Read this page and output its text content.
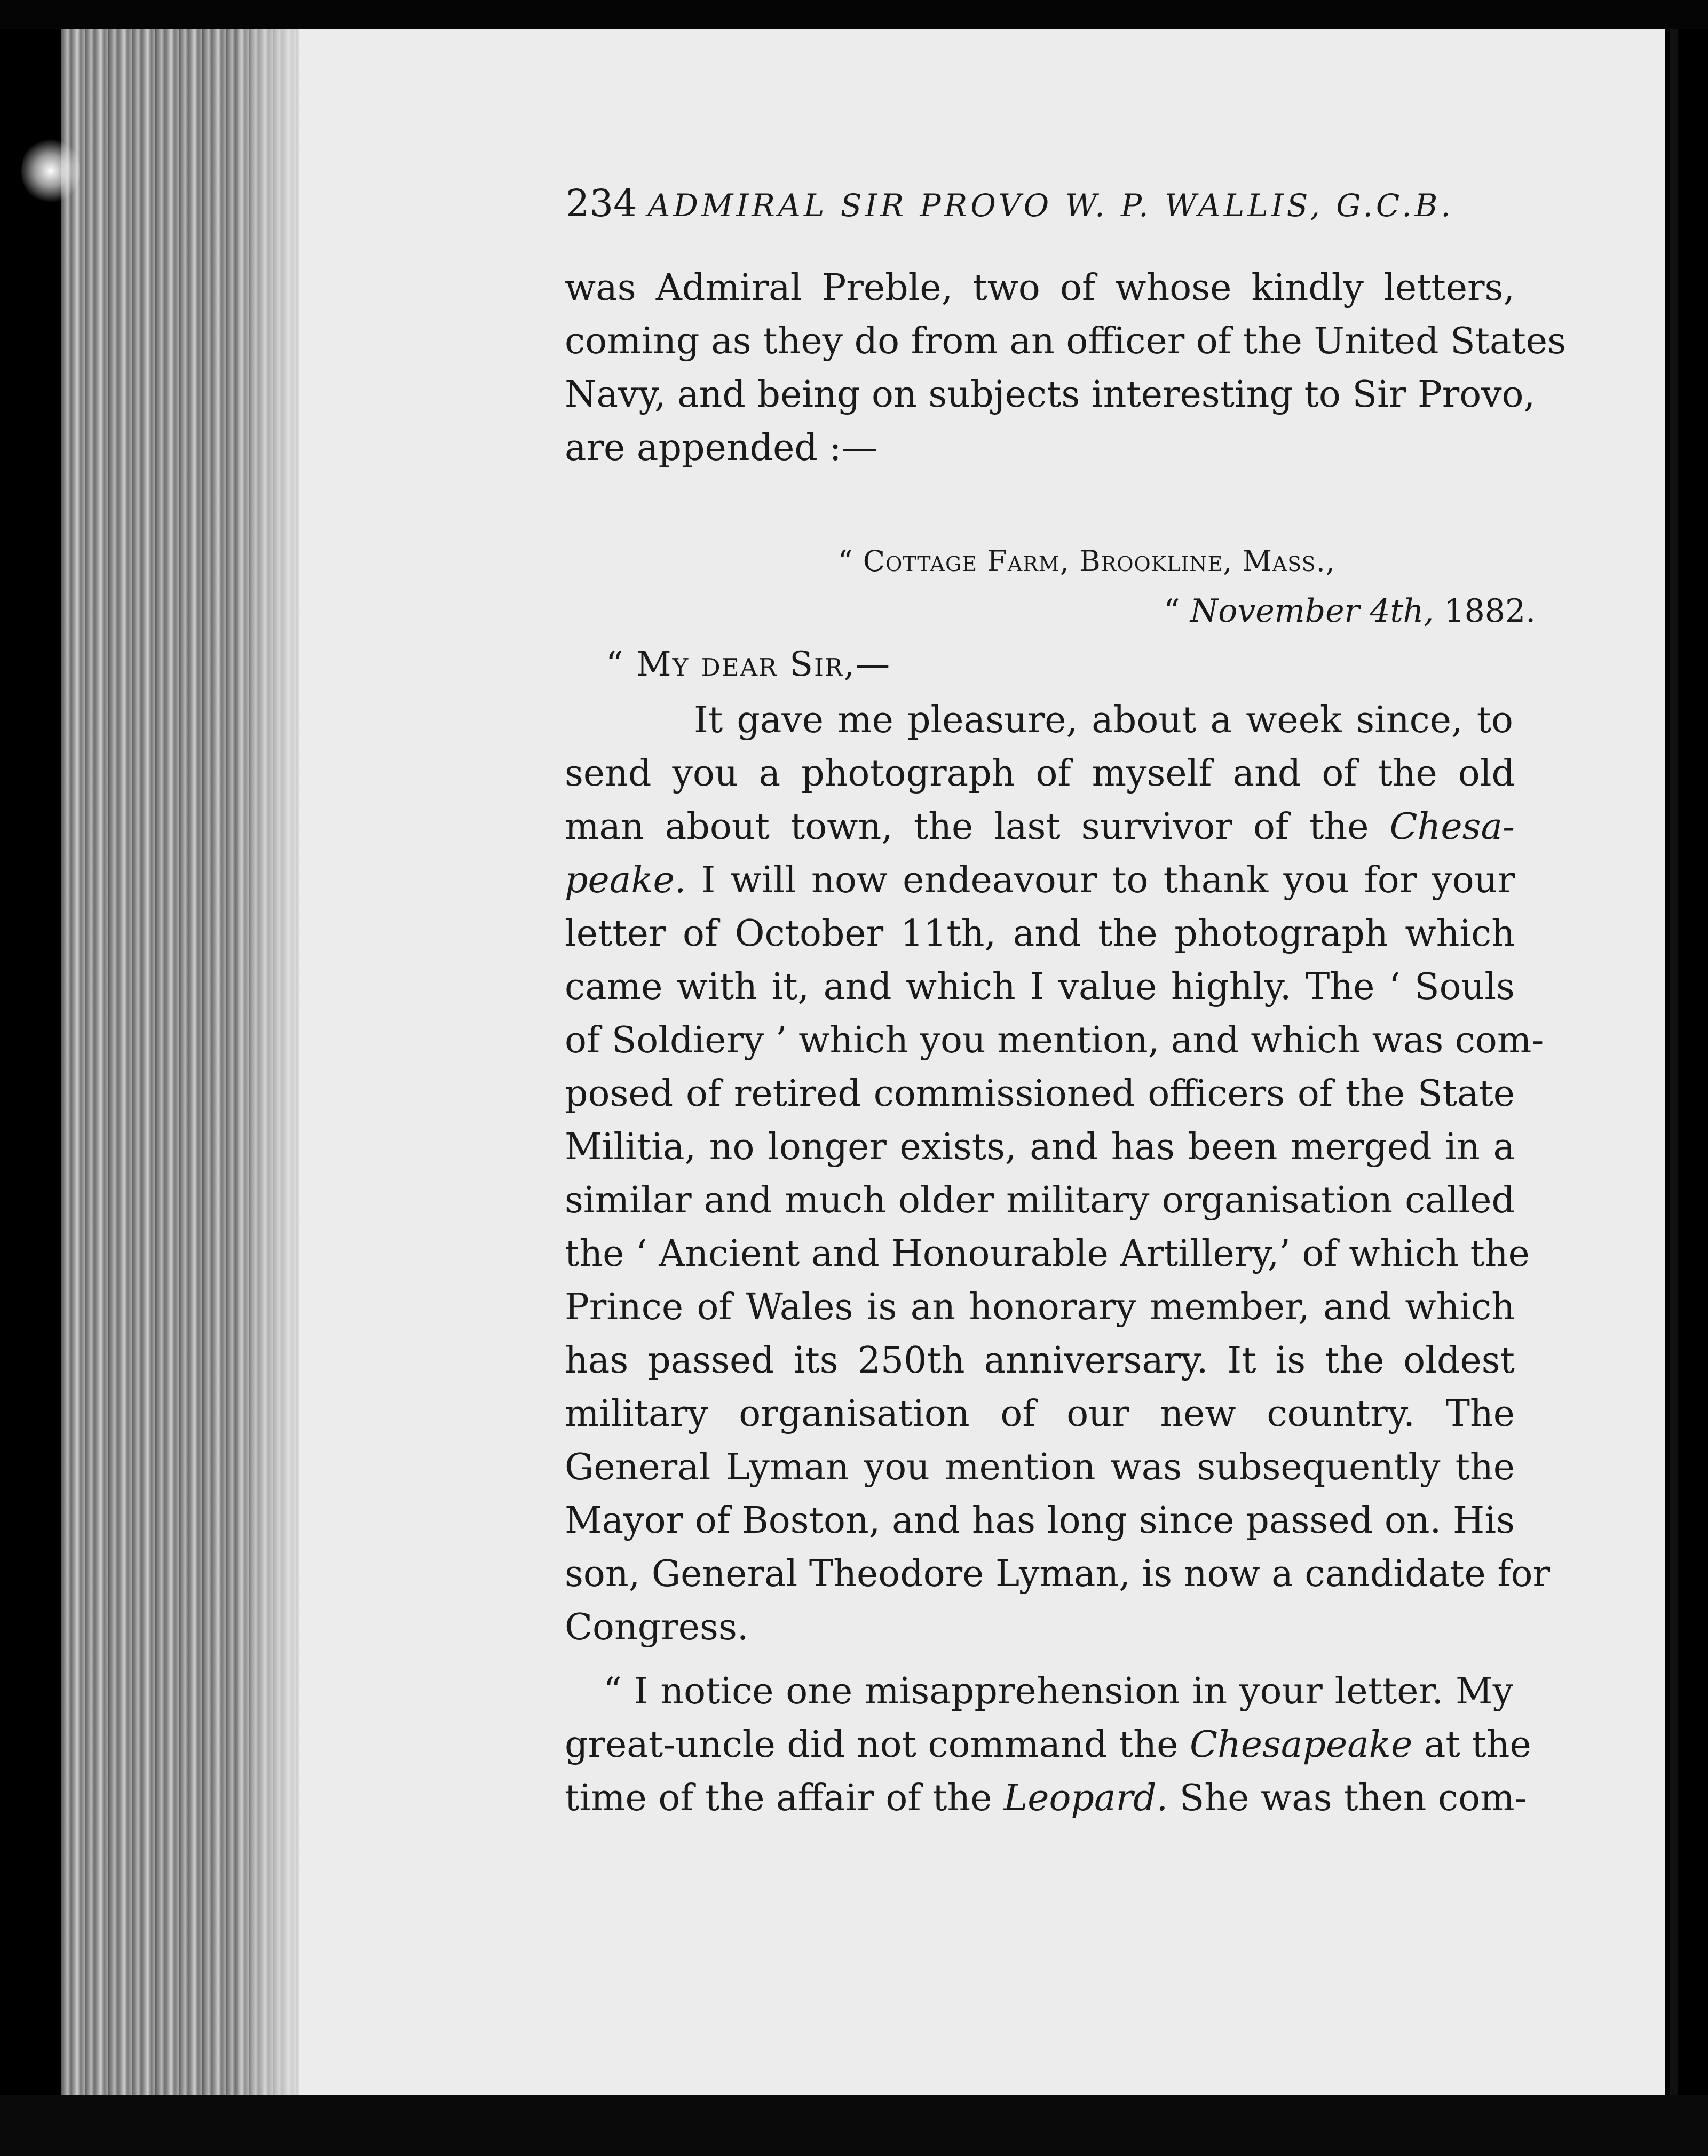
234 ADMIRAL SIR PROVO W. P. WALLIS, G.C.B.
was Admiral Preble, two of whose kindly letters,
coming as they do from an officer of the United States
Navy, and being on subjects interesting to Sir Provo,
are appended :—
“ Cottage Farm, Brookline, Mass.,
“ November 4th, 1882.
“ My dear Sir,—
It gave me pleasure, about a week since, to
send you a photograph of myself and of the old
man about town, the last survivor of the Chesa-
peake. I will now endeavour to thank you for your
letter of October 11th, and the photograph which
came with it, and which I value highly. The ‘ Souls
of Soldiery ’ which you mention, and which was com-
posed of retired commissioned officers of the State
Militia, no longer exists, and has been merged in a
similar and much older military organisation called
the ‘ Ancient and Honourable Artillery,’ of which the
Prince of Wales is an honorary member, and which
has passed its 250th anniversary. It is the oldest
military organisation of our new country. The
General Lyman you mention was subsequently the
Mayor of Boston, and has long since passed on. His
son, General Theodore Lyman, is now a candidate for
Congress.
“ I notice one misapprehension in your letter. My
great-uncle did not command the Chesapeake at the
time of the affair of the Leopard. She was then com-
